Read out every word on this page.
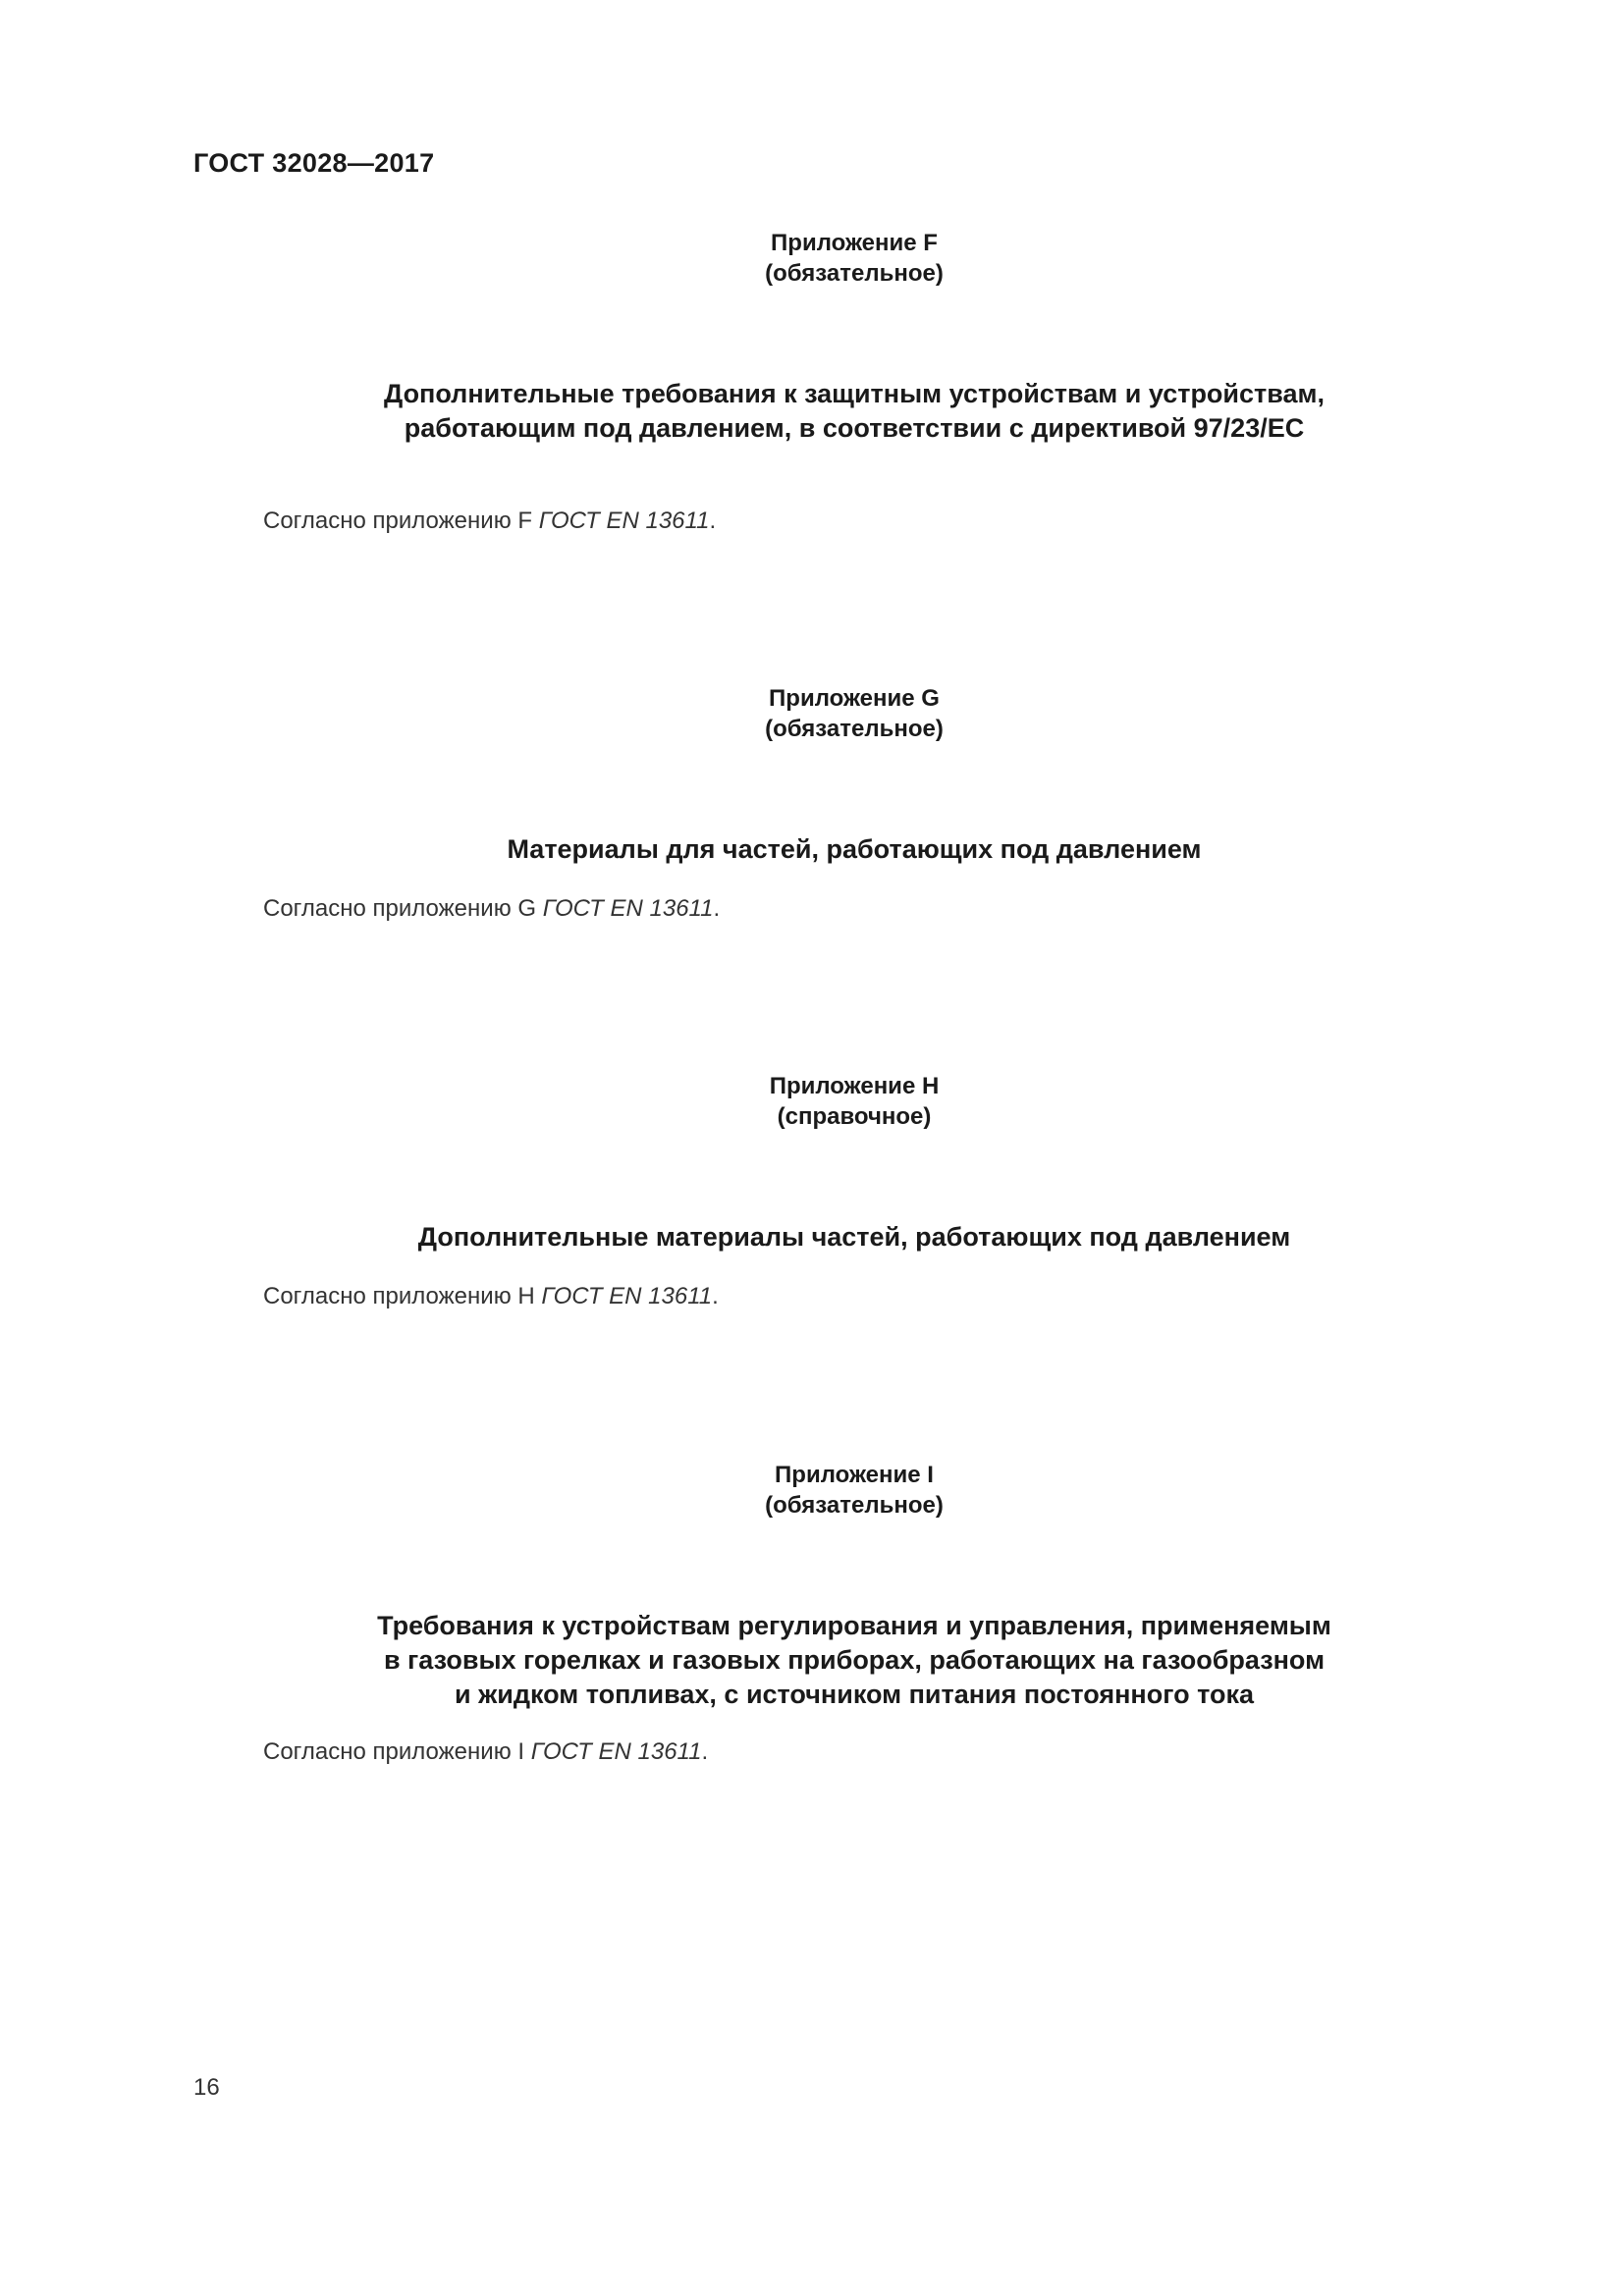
ГОСТ 32028—2017
Приложение F
(обязательное)
Дополнительные требования к защитным устройствам и устройствам,
работающим под давлением, в соответствии с директивой 97/23/ЕС
Согласно приложению F ГОСТ EN 13611.
Приложение G
(обязательное)
Материалы для частей, работающих под давлением
Согласно приложению G ГОСТ EN 13611.
Приложение H
(справочное)
Дополнительные материалы частей, работающих под давлением
Согласно приложению H ГОСТ EN 13611.
Приложение I
(обязательное)
Требования к устройствам регулирования и управления, применяемым
в газовых горелках и газовых приборах, работающих на газообразном
и жидком топливах, с источником питания постоянного тока
Согласно приложению I ГОСТ EN 13611.
16
